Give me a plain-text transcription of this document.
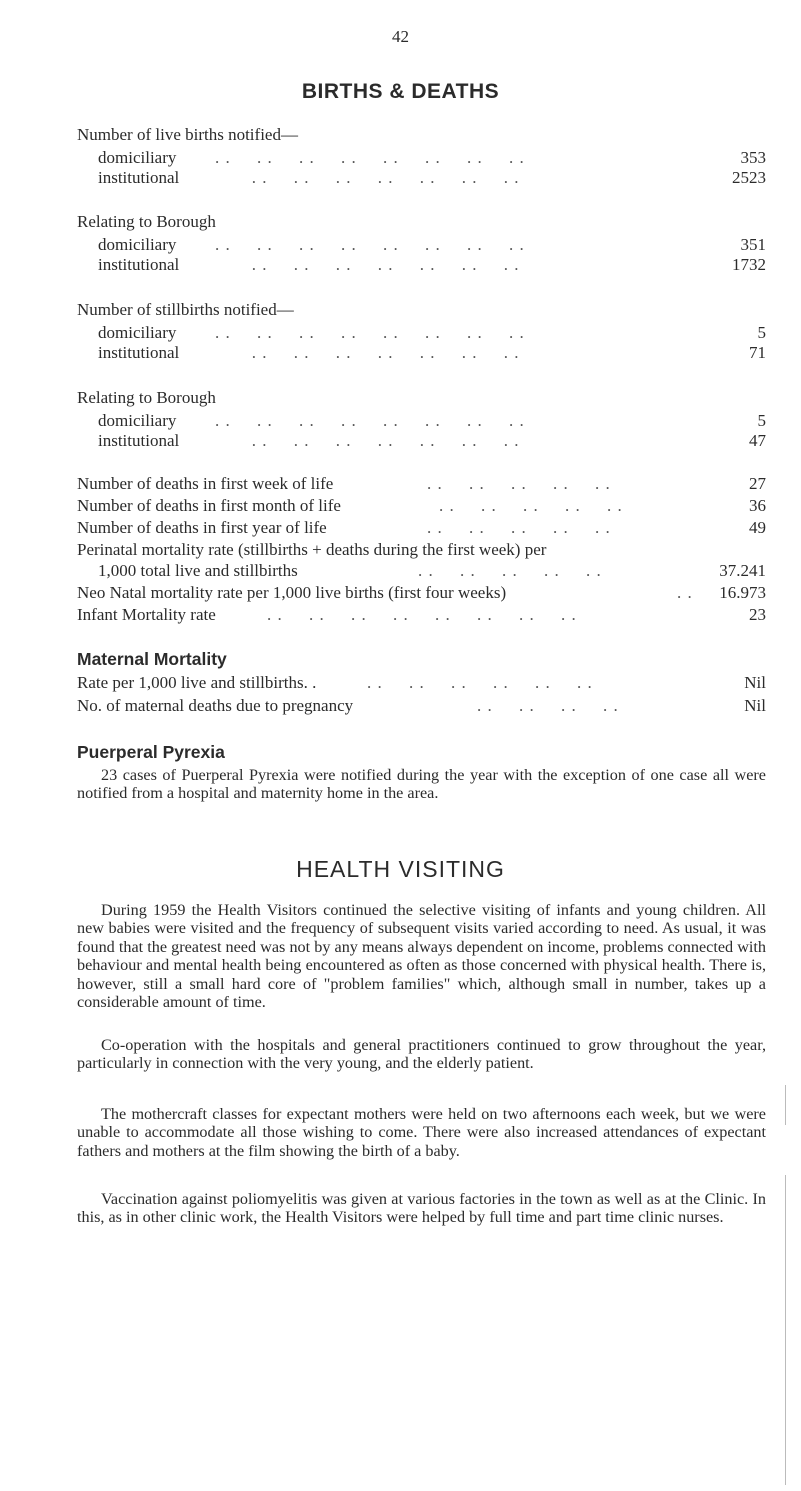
42
BIRTHS & DEATHS
Number of live births notified—
domiciliary . .     . .     . .     . .     . .     . .     . .     . .	353
institutional . .     . .     . .     . .     . .     . .     . .	2523
Relating to Borough
domiciliary . .     . .     . .     . .     . .     . .     . .     . .	351
institutional . .     . .     . .     . .     . .     . .     . .	1732
Number of stillbirths notified—
domiciliary . .     . .     . .     . .     . .     . .     . .     . .	5
institutional . .     . .     . .     . .     . .     . .     . .	71
Relating to Borough
domiciliary . .     . .     . .     . .     . .     . .     . .     . .	5
institutional . .     . .     . .     . .     . .     . .     . .	47
Number of deaths in first week of life	. .     . .     . .     . .     . .	27
Number of deaths in first month of life	. .     . .     . .     . .     . .	36
Number of deaths in first year of life	. .     . .     . .     . .     . .	49
Perinatal mortality rate (stillbirths + deaths during the first week) per
1,000 total live and stillbirths	. .     . .     . .     . .     . .	37.241
Neo Natal mortality rate per 1,000 live births (first four weeks)	. . 16.973
Infant Mortality rate	. .     . .     . .     . .     . .     . .     . .     . .	23
Maternal Mortality
Rate per 1,000 live and stillbirths. .	. .     . .     . .     . .     . .     . .	Nil
No. of maternal deaths due to pregnancy	. .     . .     . .     . .	Nil
Puerperal Pyrexia

23 cases of Puerperal Pyrexia were notified during the year with the exception of one case all were notified from a hospital and maternity home in the area.

HEALTH VISITING

During 1959 the Health Visitors continued the selective visiting of infants and young children. All new babies were visited and the frequency of subsequent visits varied according to need. As usual, it was found that the greatest need was not by any means always dependent on income, problems connected with behaviour and mental health being encountered as often as those concerned with physical health. There is, however, still a small hard core of "problem families" which, although small in number, takes up a considerable amount of time.

Co-operation with the hospitals and general practitioners continued to grow throughout the year, particularly in connection with the very young, and the elderly patient.

The mothercraft classes for expectant mothers were held on two afternoons each week, but we were unable to accommodate all those wishing to come. There were also increased attendances of expectant fathers and mothers at the film showing the birth of a baby.

Vaccination against poliomyelitis was given at various factories in the town as well as at the Clinic. In this, as in other clinic work, the Health Visitors were helped by full time and part time clinic nurses.
